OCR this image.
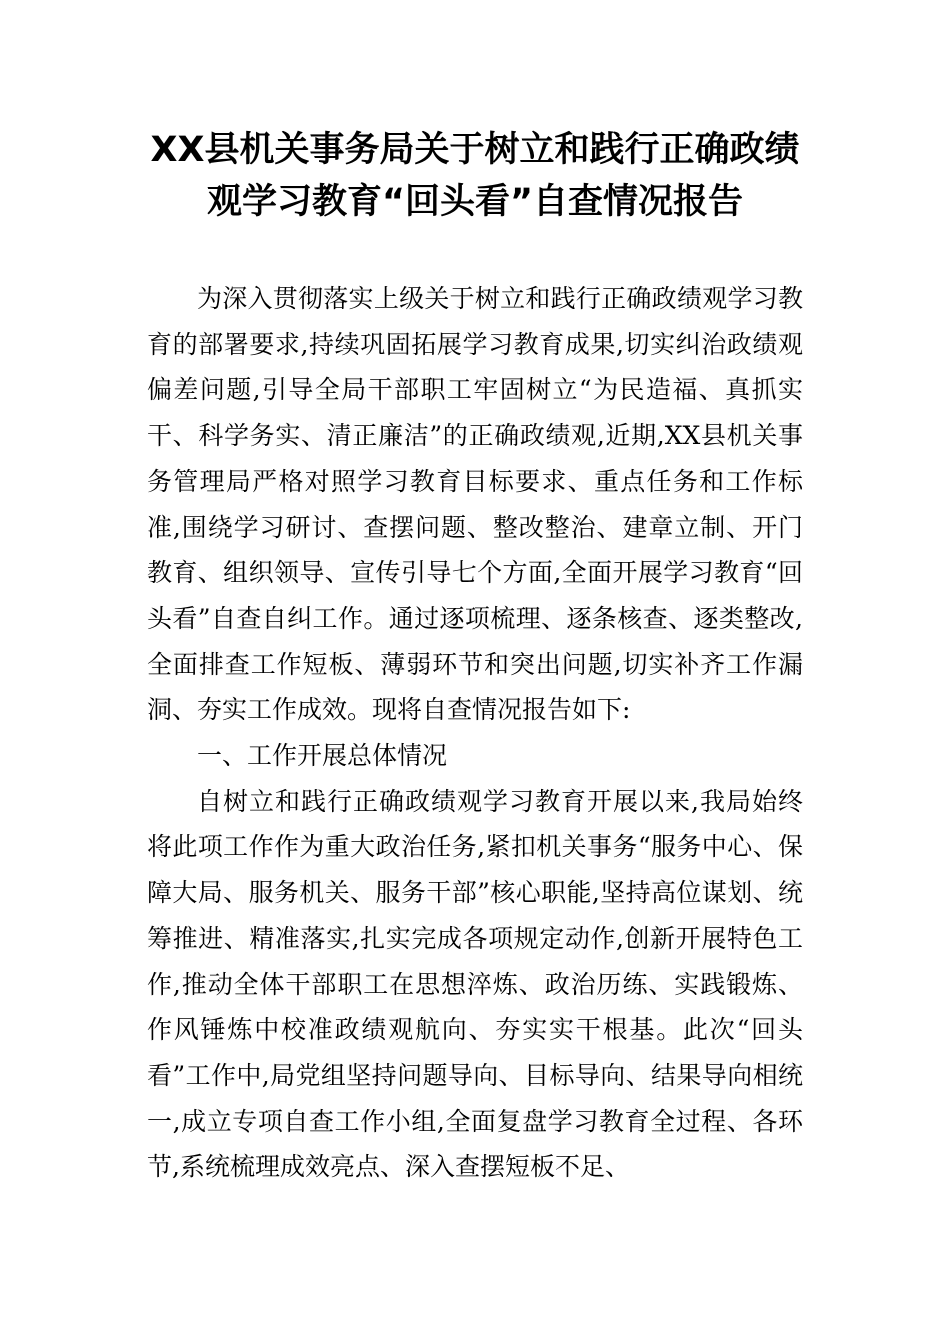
XX县机关事务局关于树立和践行正确政绩
观学习教育“回头看”自查情况报告

为深入贯彻落实上级关于树立和践行正确政绩观学习教育的部署要求,持续巩固拓展学习教育成果,切实纠治政绩观偏差问题,引导全局干部职工牢固树立“为民造福、真抓实干、科学务实、清正廉洁”的正确政绩观,近期,XX县机关事务管理局严格对照学习教育目标要求、重点任务和工作标准,围绕学习研讨、查摆问题、整改整治、建章立制、开门教育、组织领导、宣传引导七个方面,全面开展学习教育“回头看”自查自纠工作。通过逐项梳理、逐条核查、逐类整改,全面排查工作短板、薄弱环节和突出问题,切实补齐工作漏洞、夯实工作成效。现将自查情况报告如下:

一、工作开展总体情况

自树立和践行正确政绩观学习教育开展以来,我局始终将此项工作作为重大政治任务,紧扣机关事务“服务中心、保障大局、服务机关、服务干部”核心职能,坚持高位谋划、统筹推进、精准落实,扎实完成各项规定动作,创新开展特色工作,推动全体干部职工在思想淬炼、政治历练、实践锻炼、作风锤炼中校准政绩观航向、夯实实干根基。此次“回头看”工作中,局党组坚持问题导向、目标导向、结果导向相统一,成立专项自查工作小组,全面复盘学习教育全过程、各环节,系统梳理成效亮点、深入查摆短板不足、
